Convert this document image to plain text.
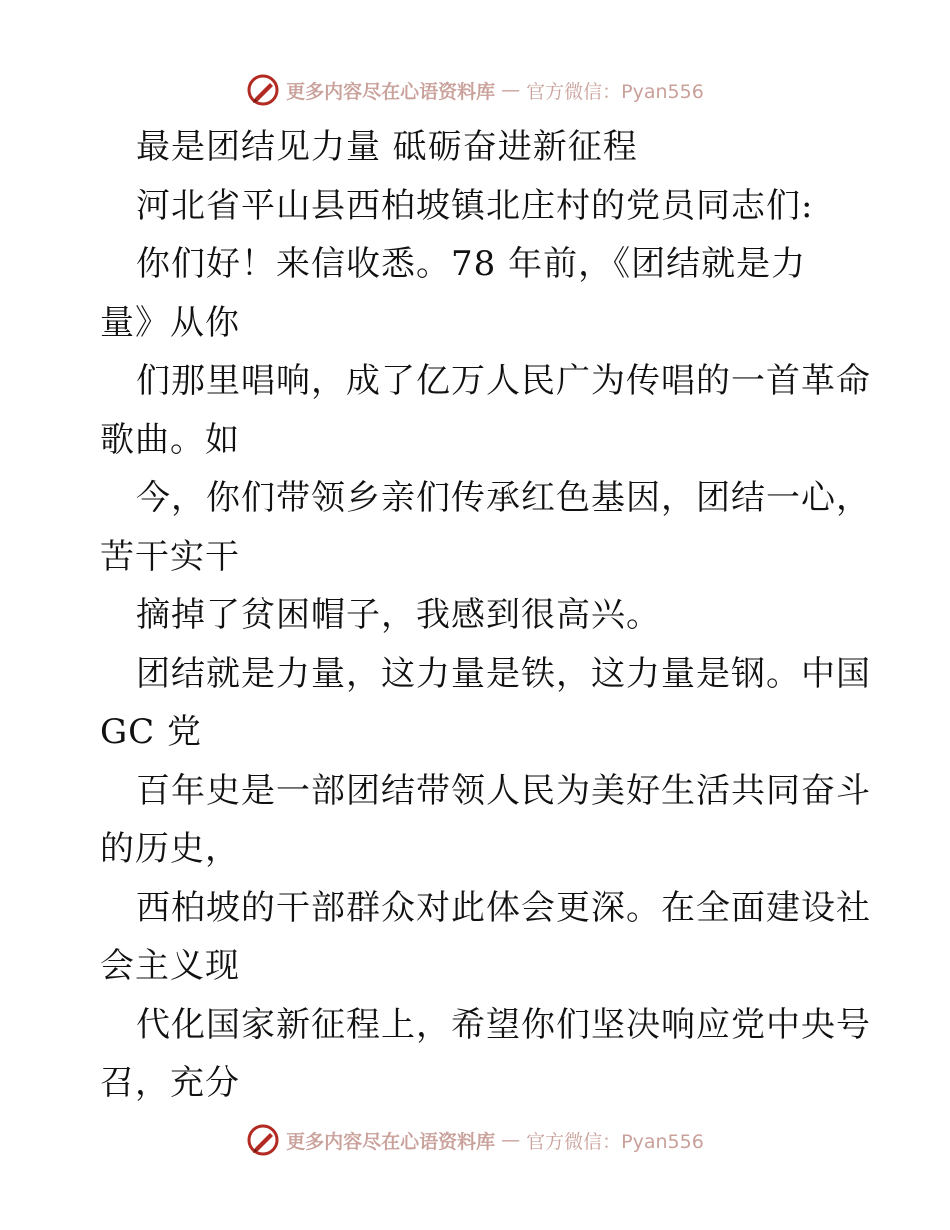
更多内容尽在心语资料库 — 官方微信：Pyan556
最是团结见力量 砥砺奋进新征程
河北省平山县西柏坡镇北庄村的党员同志们:
你们好！来信收悉。78 年前，《团结就是力
量》从你
们那里唱响，成了亿万人民广为传唱的一首革命
歌曲。如
今，你们带领乡亲们传承红色基因，团结一心，
苦干实干
摘掉了贫困帽子，我感到很高兴。
团结就是力量，这力量是铁，这力量是钢。中国
GC 党
百年史是一部团结带领人民为美好生活共同奋斗
的历史，
西柏坡的干部群众对此体会更深。在全面建设社
会主义现
代化国家新征程上，希望你们坚决响应党中央号
召，充分
更多内容尽在心语资料库 — 官方微信：Pyan556
